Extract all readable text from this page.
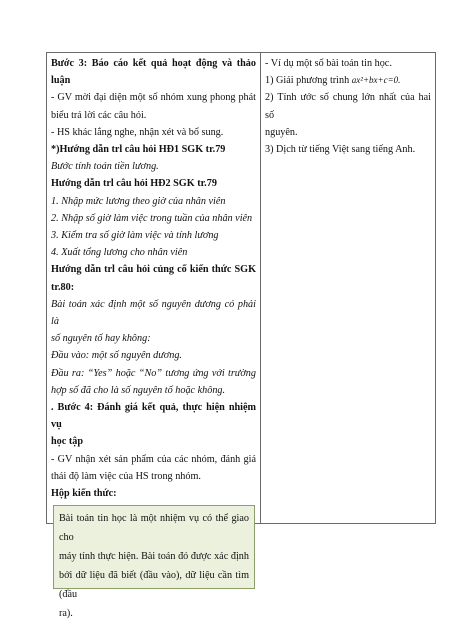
Bước 3: Báo cáo kết quả hoạt động và thảo luận
- GV mời đại diện một số nhóm xung phong phát
biểu trả lời các câu hỏi.
- HS khác lắng nghe, nhận xét và bổ sung.
*)Hướng dẫn trl câu hỏi HĐ1 SGK tr.79
Bước tính toán tiền lương.
Hướng dẫn trl câu hỏi HĐ2 SGK tr.79
1. Nhập mức lương theo giờ của nhân viên
2. Nhập số giờ làm việc trong tuần của nhân viên
3. Kiểm tra số giờ làm việc và tính lương
4. Xuất tổng lương cho nhân viên
Hướng dẫn trl câu hỏi củng cố kiến thức SGK
tr.80:
Bài toán xác định một số nguyên dương có phải là
số nguyên tố hay không:
Đầu vào: một số nguyên dương.
Đầu ra: “Yes” hoặc “No” tương ứng với trường
hợp số đã cho là số nguyên tố hoặc không.
. Bước 4: Đánh giá kết quả, thực hiện nhiệm vụ
học tập
- GV nhận xét sản phẩm của các nhóm, đánh giá
thái độ làm việc của HS trong nhóm.
Hộp kiến thức:
Bài toán tin học là một nhiệm vụ có thể giao cho
máy tính thực hiện. Bài toán đó được xác định
bởi dữ liệu đã biết (đầu vào), dữ liệu cần tìm (đầu
ra).
- Ví dụ một số bài toán tin học.
1) Giải phương trình ax²+bx+c=0.
2) Tính ước số chung lớn nhất của hai số
nguyên.
3) Dịch từ tiếng Việt sang tiếng Anh.
